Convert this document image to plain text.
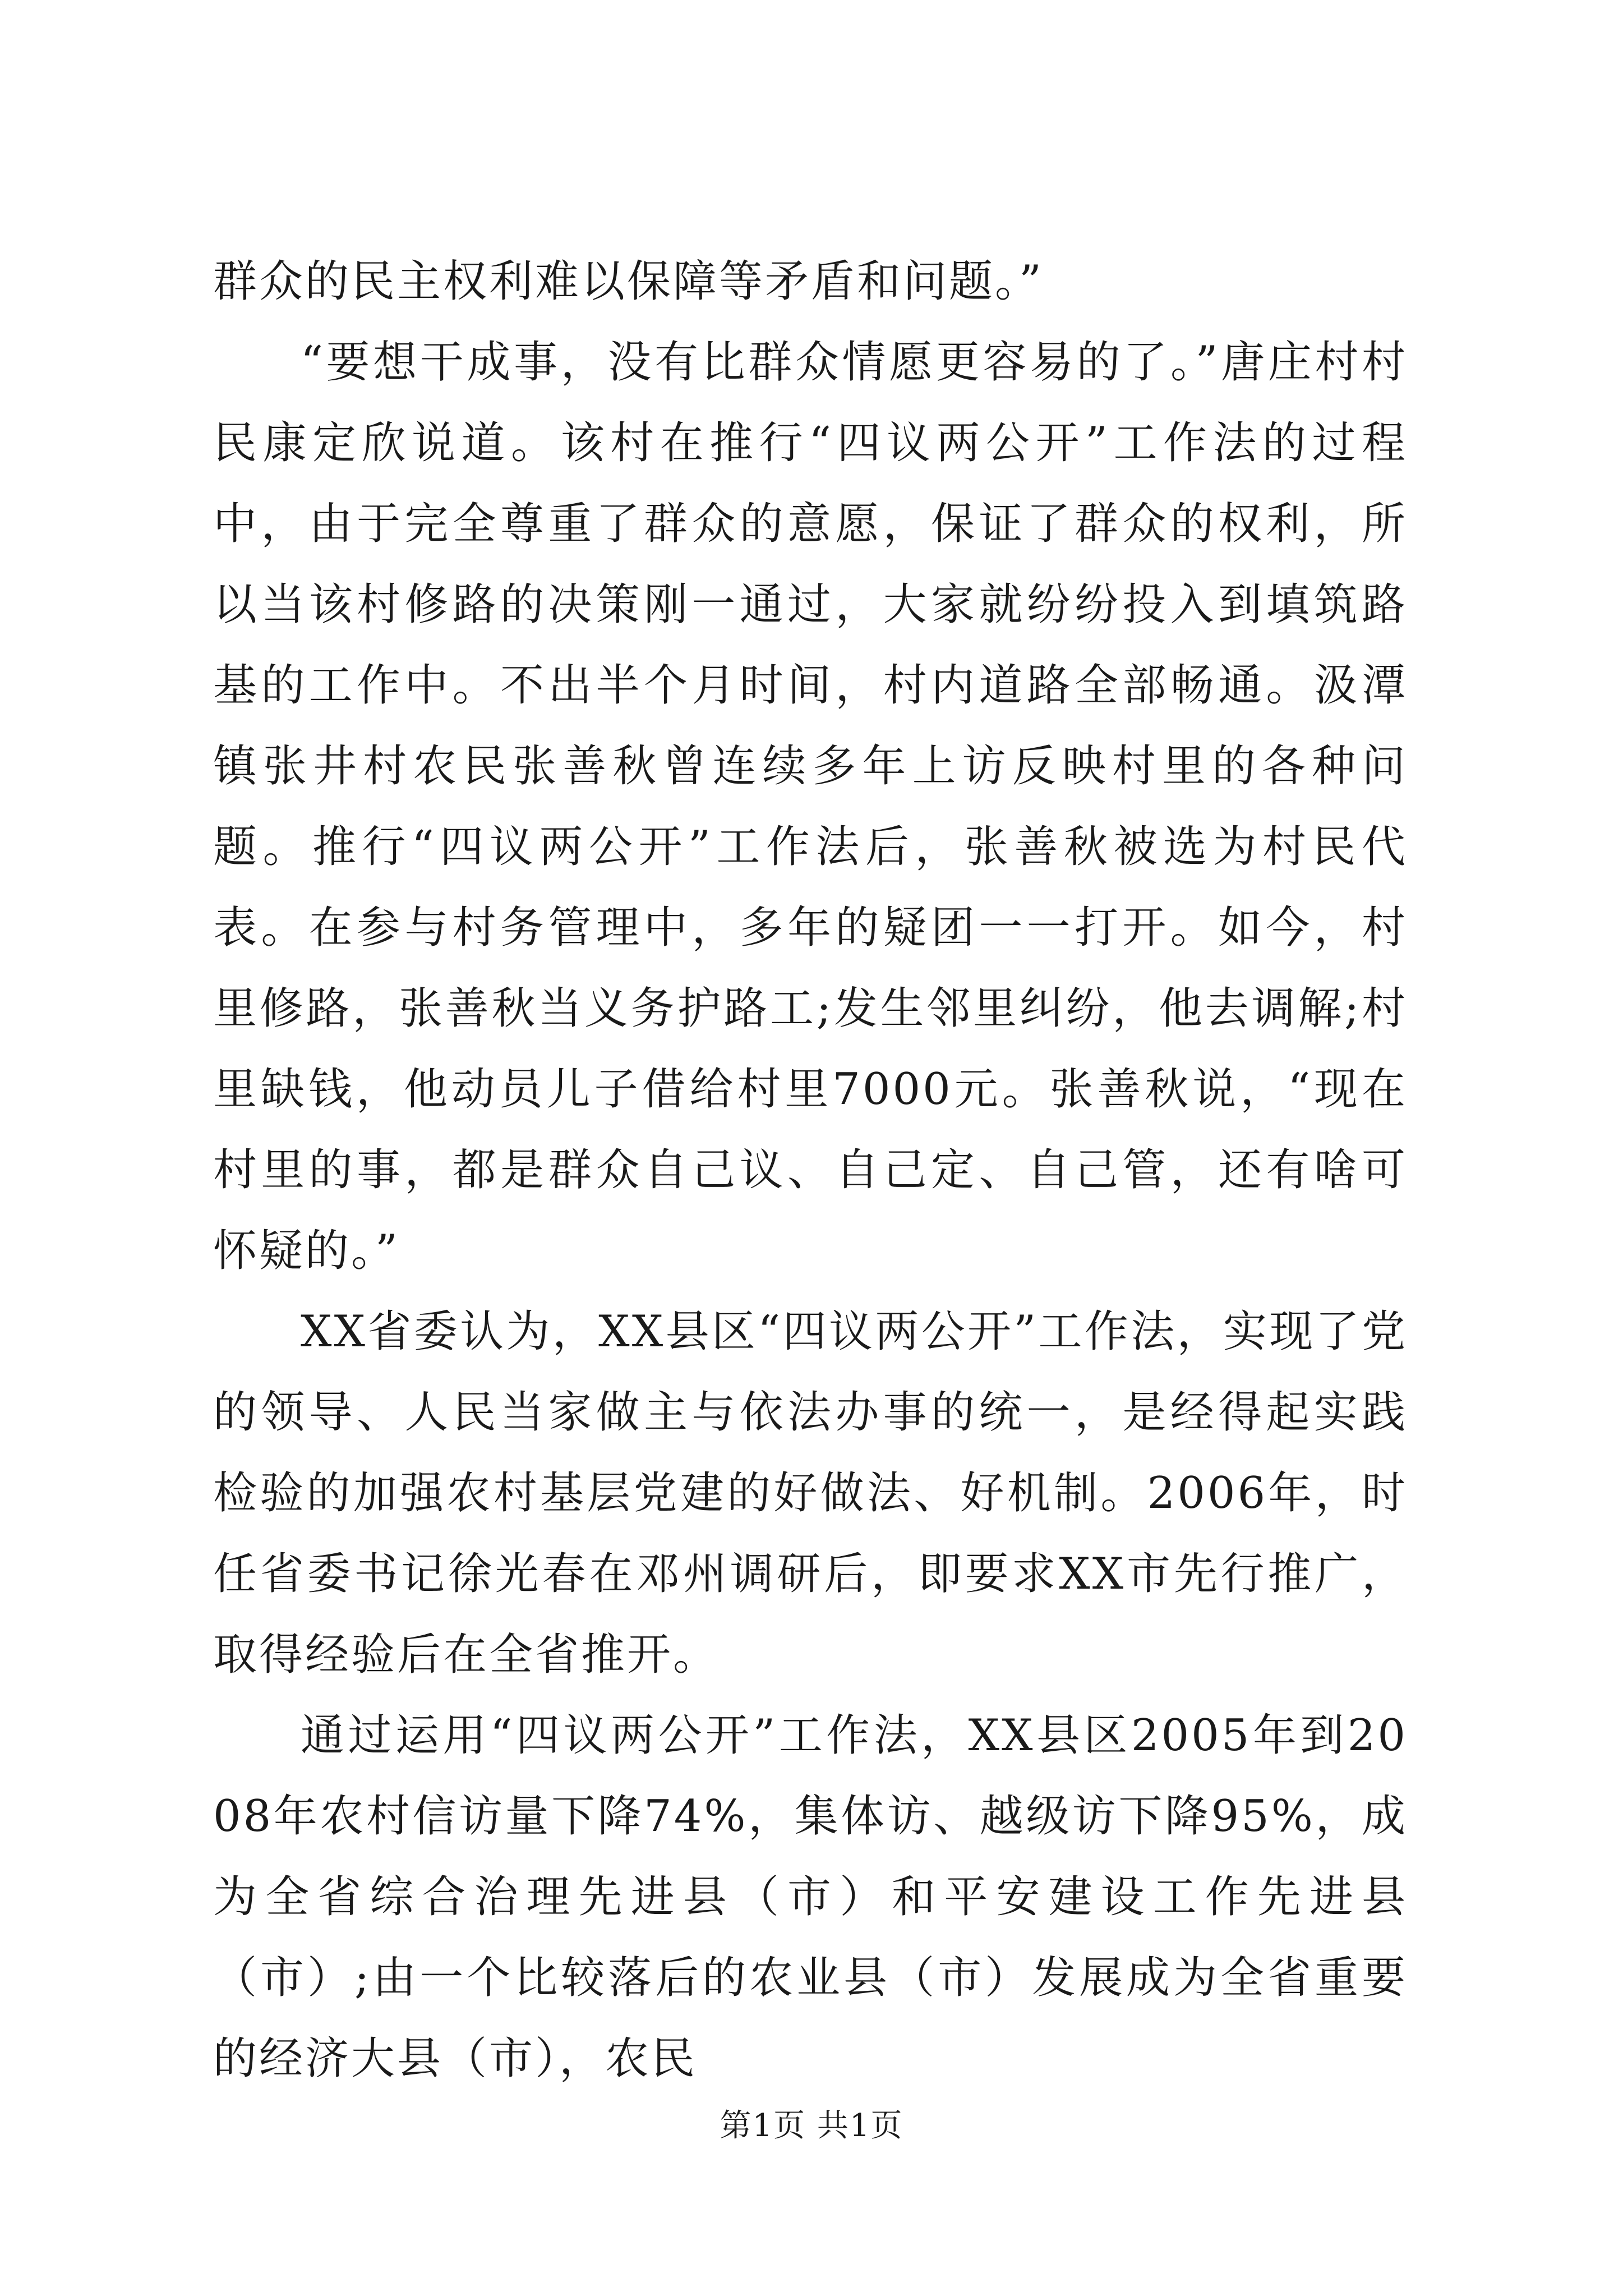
群众的民主权利难以保障等矛盾和问题。”

“要想干成事，没有比群众情愿更容易的了。”唐庄村村民康定欣说道。该村在推行“四议两公开”工作法的过程中，由于完全尊重了群众的意愿，保证了群众的权利，所以当该村修路的决策刚一通过，大家就纷纷投入到填筑路基的工作中。不出半个月时间，村内道路全部畅通。汲潭镇张井村农民张善秋曾连续多年上访反映村里的各种问题。推行“四议两公开”工作法后，张善秋被选为村民代表。在参与村务管理中，多年的疑团一一打开。如今，村里修路，张善秋当义务护路工;发生邻里纠纷，他去调解;村里缺钱，他动员儿子借给村里7000元。张善秋说，“现在村里的事，都是群众自己议、自己定、自己管，还有啥可怀疑的。”

XX省委认为，XX县区“四议两公开”工作法，实现了党的领导、人民当家做主与依法办事的统一，是经得起实践检验的加强农村基层党建的好做法、好机制。2006年，时任省委书记徐光春在邓州调研后，即要求XX市先行推广，取得经验后在全省推开。

通过运用“四议两公开”工作法，XX县区2005年到2008年农村信访量下降74%，集体访、越级访下降95%，成为全省综合治理先进县（市）和平安建设工作先进县（市）;由一个比较落后的农业县（市）发展成为全省重要的经济大县（市），农民

第1页 共1页
